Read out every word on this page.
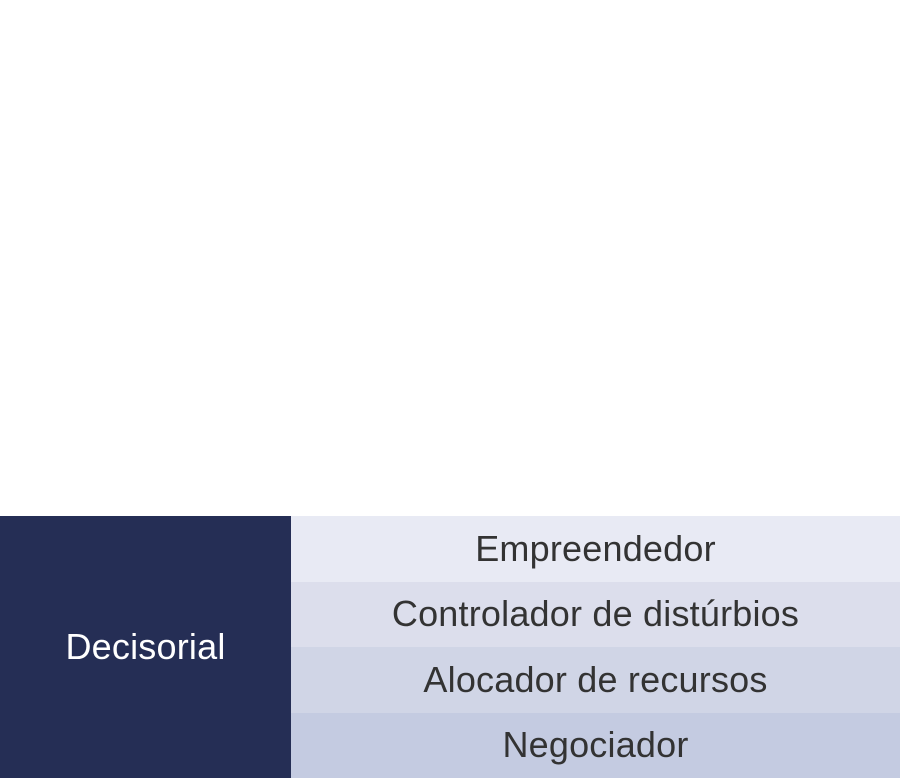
Decisorial
Empreendedor
Controlador de distúrbios
Alocador de recursos
Negociador
